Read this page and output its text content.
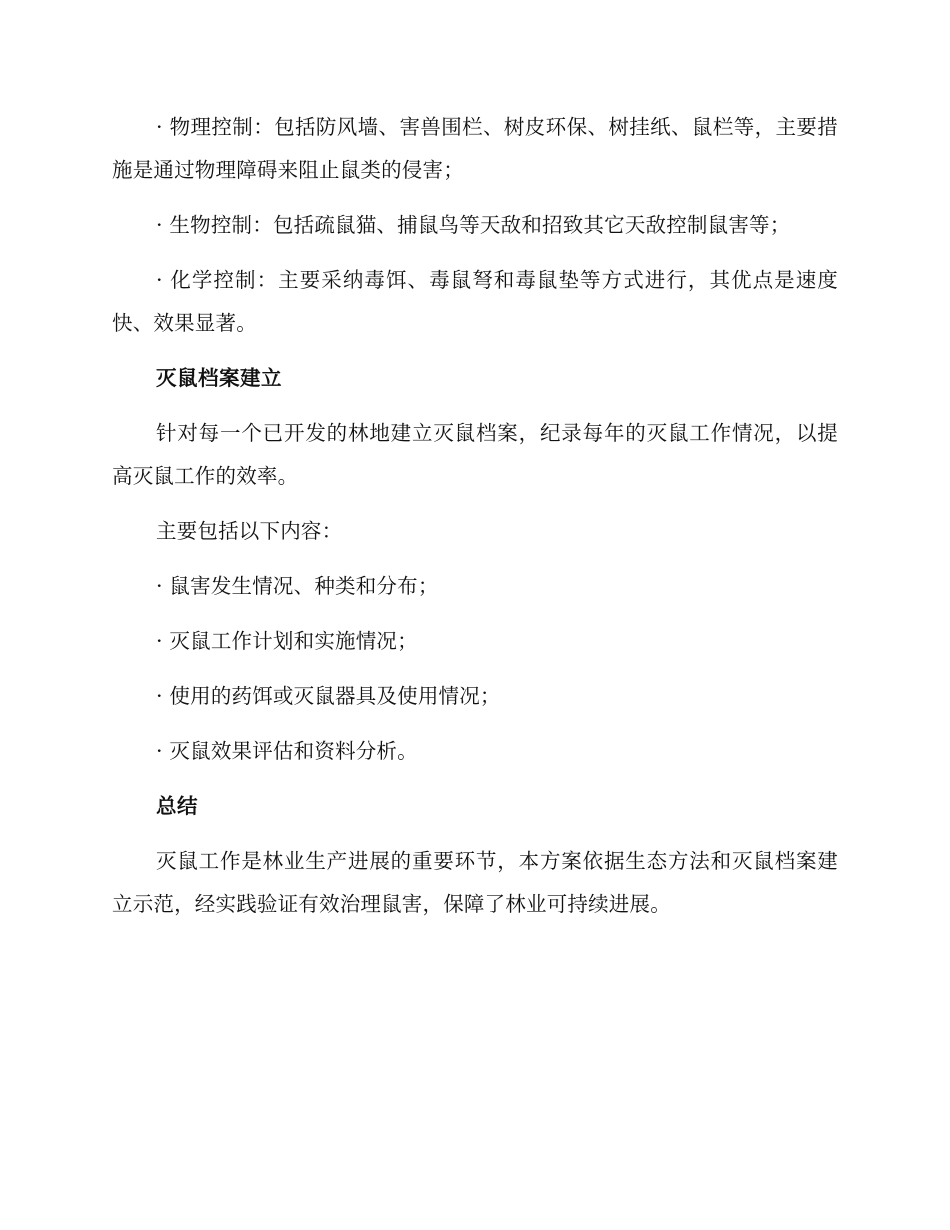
· 物理控制：包括防风墙、害兽围栏、树皮环保、树挂纸、鼠栏等，主要措施是通过物理障碍来阻止鼠类的侵害；

· 生物控制：包括疏鼠猫、捕鼠鸟等天敌和招致其它天敌控制鼠害等；

· 化学控制：主要采纳毒饵、毒鼠弩和毒鼠垫等方式进行，其优点是速度快、效果显著。

灭鼠档案建立

针对每一个已开发的林地建立灭鼠档案，纪录每年的灭鼠工作情况，以提高灭鼠工作的效率。

主要包括以下内容：

· 鼠害发生情况、种类和分布；

· 灭鼠工作计划和实施情况；

· 使用的药饵或灭鼠器具及使用情况；

· 灭鼠效果评估和资料分析。

总结

灭鼠工作是林业生产进展的重要环节，本方案依据生态方法和灭鼠档案建立示范，经实践验证有效治理鼠害，保障了林业可持续进展。
